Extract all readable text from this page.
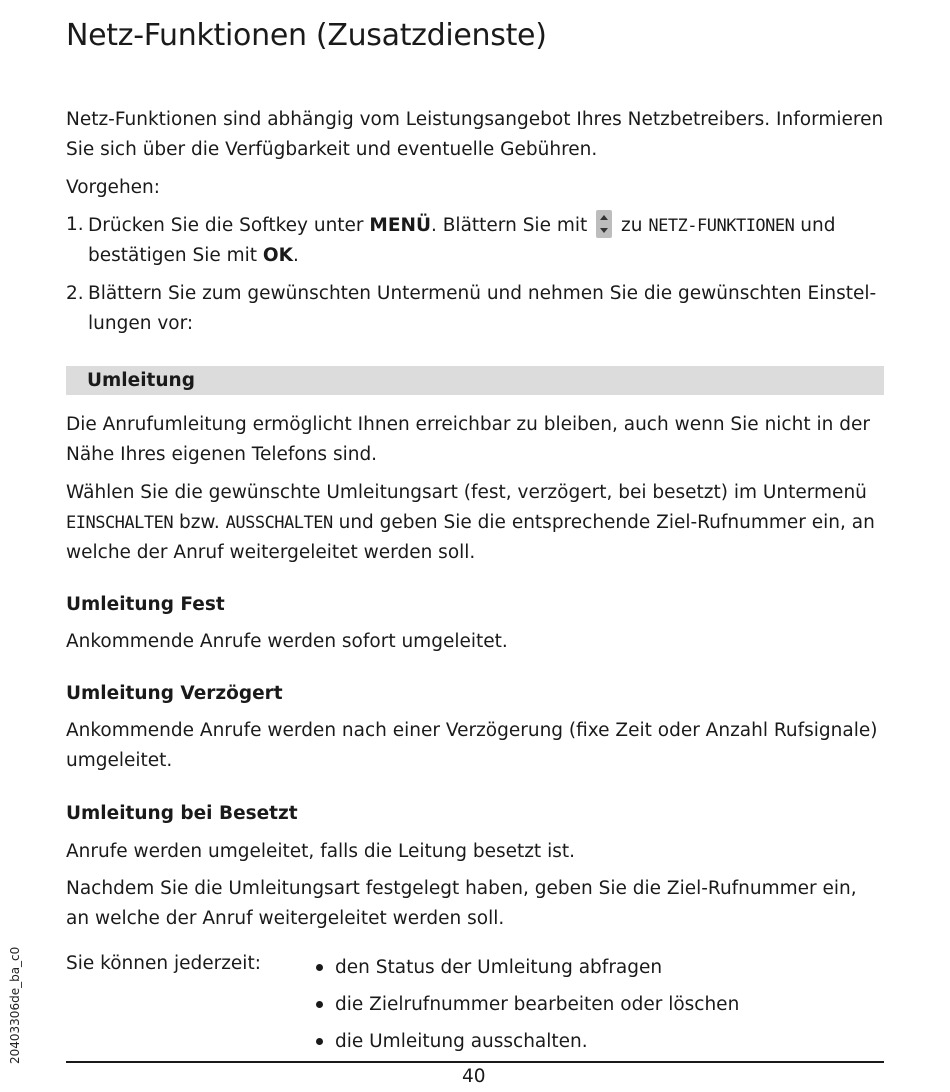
Netz-Funktionen (Zusatzdienste)
Netz-Funktionen sind abhängig vom Leistungsangebot Ihres Netzbetreibers. Informieren Sie sich über die Verfügbarkeit und eventuelle Gebühren.
Vorgehen:
1. Drücken Sie die Softkey unter MENÜ. Blättern Sie mit
zu NETZ-FUNKTIONEN und bestätigen Sie mit OK.
2. Blättern Sie zum gewünschten Untermenü und nehmen Sie die gewünschten Einstellungen vor:
Umleitung
Die Anrufumleitung ermöglicht Ihnen erreichbar zu bleiben, auch wenn Sie nicht in der Nähe Ihres eigenen Telefons sind.
Wählen Sie die gewünschte Umleitungsart (fest, verzögert, bei besetzt) im Untermenü EINSCHALTEN bzw. AUSSCHALTEN und geben Sie die entsprechende Ziel-Rufnummer ein, an welche der Anruf weitergeleitet werden soll.
Umleitung Fest
Ankommende Anrufe werden sofort umgeleitet.
Umleitung Verzögert
Ankommende Anrufe werden nach einer Verzögerung (fixe Zeit oder Anzahl Rufsignale) umgeleitet.
Umleitung bei Besetzt
Anrufe werden umgeleitet, falls die Leitung besetzt ist.
Nachdem Sie die Umleitungsart festgelegt haben, geben Sie die Ziel-Rufnummer ein, an welche der Anruf weitergeleitet werden soll.
Sie können jederzeit:	den Status der Umleitung abfragen
die Zielrufnummer bearbeiten oder löschen
die Umleitung ausschalten.
40
20403306de_ba_c0
